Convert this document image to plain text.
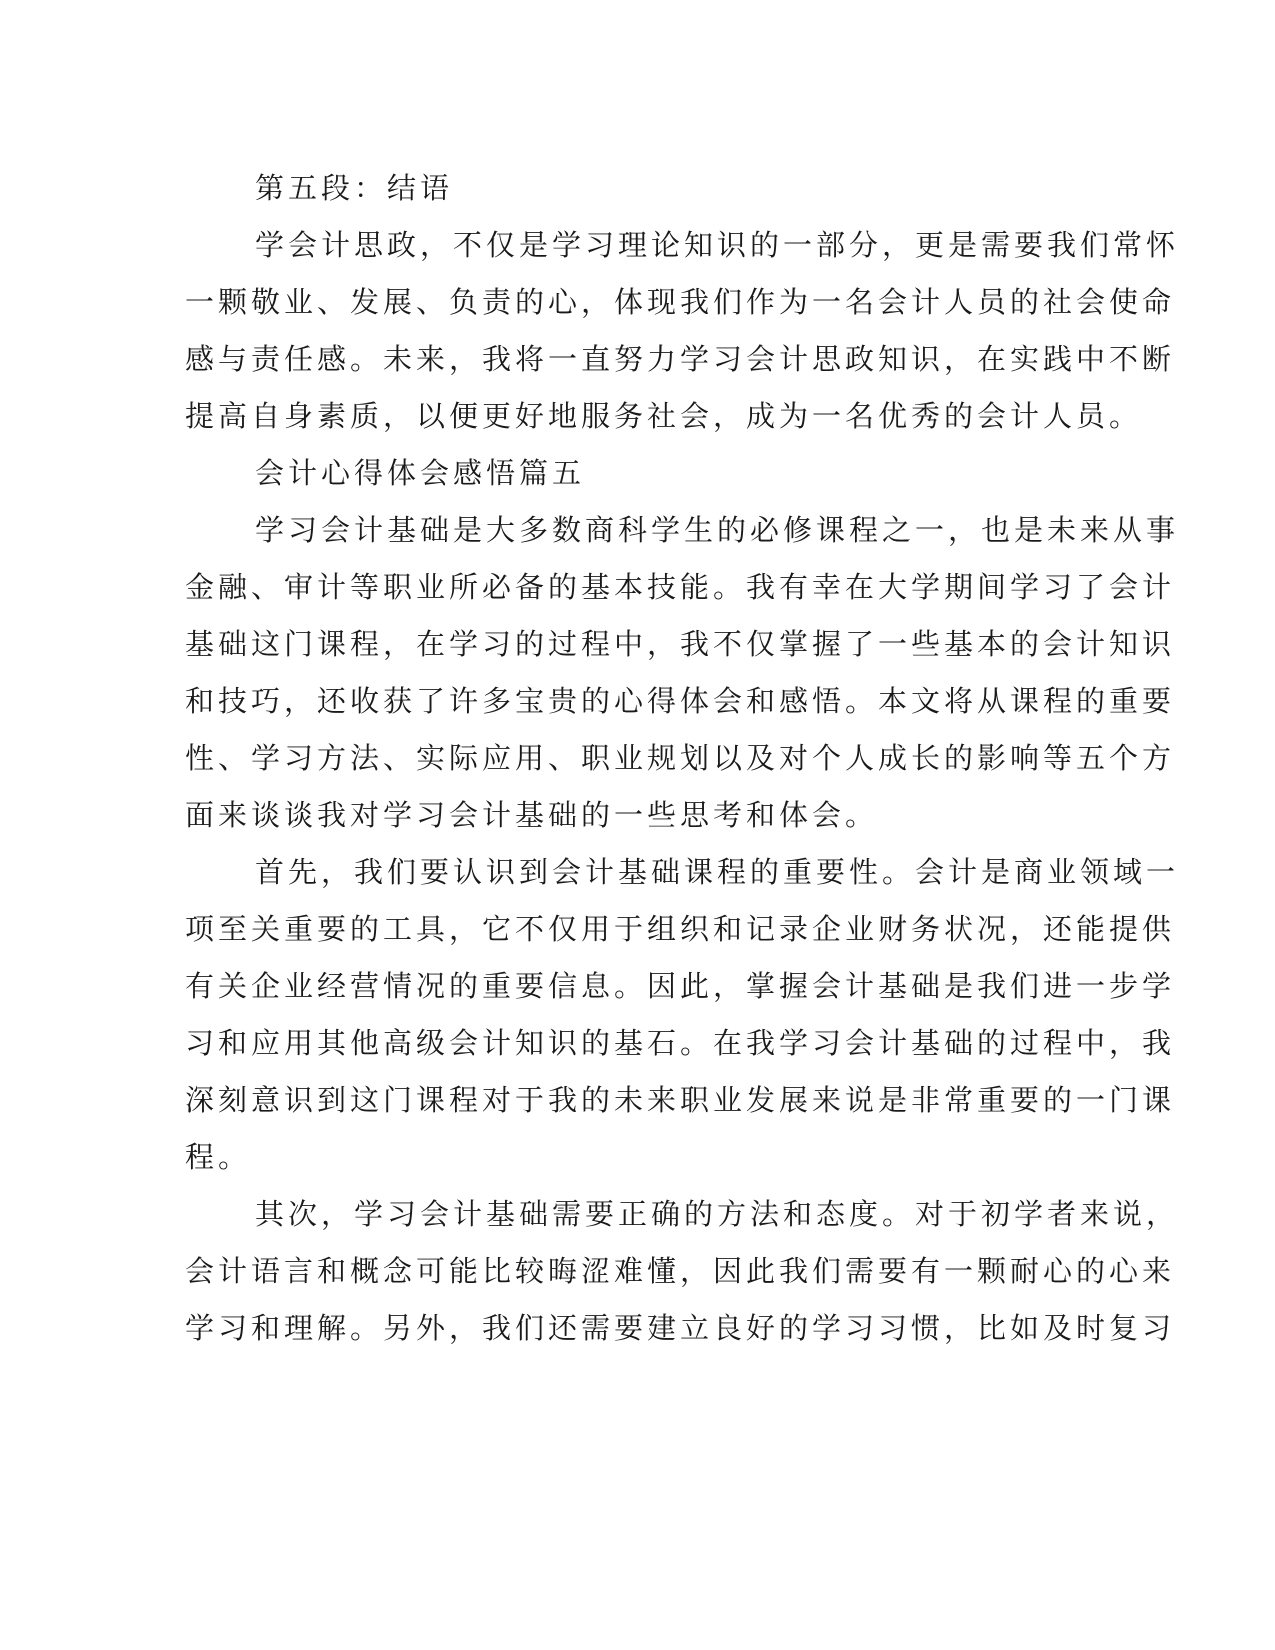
第五段：结语
学会计思政，不仅是学习理论知识的一部分，更是需要我们常怀
一颗敬业、发展、负责的心，体现我们作为一名会计人员的社会使命
感与责任感。未来，我将一直努力学习会计思政知识，在实践中不断
提高自身素质，以便更好地服务社会，成为一名优秀的会计人员。
会计心得体会感悟篇五
学习会计基础是大多数商科学生的必修课程之一，也是未来从事
金融、审计等职业所必备的基本技能。我有幸在大学期间学习了会计
基础这门课程，在学习的过程中，我不仅掌握了一些基本的会计知识
和技巧，还收获了许多宝贵的心得体会和感悟。本文将从课程的重要
性、学习方法、实际应用、职业规划以及对个人成长的影响等五个方
面来谈谈我对学习会计基础的一些思考和体会。
首先，我们要认识到会计基础课程的重要性。会计是商业领域一
项至关重要的工具，它不仅用于组织和记录企业财务状况，还能提供
有关企业经营情况的重要信息。因此，掌握会计基础是我们进一步学
习和应用其他高级会计知识的基石。在我学习会计基础的过程中，我
深刻意识到这门课程对于我的未来职业发展来说是非常重要的一门课
程。
其次，学习会计基础需要正确的方法和态度。对于初学者来说，
会计语言和概念可能比较晦涩难懂，因此我们需要有一颗耐心的心来
学习和理解。另外，我们还需要建立良好的学习习惯，比如及时复习
